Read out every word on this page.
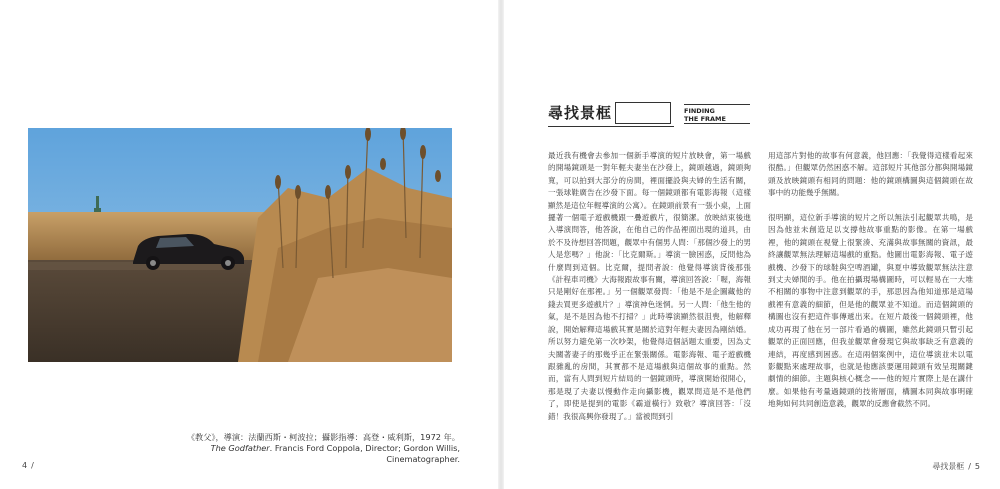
《教父》，導演：法蘭西斯・柯波拉；攝影指導：高登・威利斯，1972 年。
The Godfather. Francis Ford Coppola, Director; Gordon Willis, Cinematographer.
4 /
尋找景框	FINDING
THE FRAME

最近我有機會去參加一個新手導演的短片放映會，第一場戲的開場鏡頭是一對年輕夫妻坐在沙發上，鏡頭越過，鏡頭夠寬，可以拍到大部分的房間，裡面擺設與夫婦的生活有關，一張球鞋廣告在沙發下面。每一個鏡頭都有電影海報（這樣顯然是這位年輕導演的公寓）。在鏡頭前景有一張小桌，上面擺著一個電子遊戲機跟一疊遊戲片，很簡潔。放映結束後進入導演問答，他答說，在他自己的作品裡面出現的道具，由於不及待想回答問題，觀眾中有個男人問：「那個沙發上的男人是您嗎？」他說：「比克爾斯。」導演一臉困惑，反問他為什麼問到這個。比克爾，提問者說：他覺得導演背後那張《計程車司機》大海報跟故事有關，導演回答說：「喔，海報只是剛好在那裡。」另一個觀眾發問：「他是不是企圖藏他的錢去買更多遊戲片？」導演神色迷惘。另一人問：「他生他的氣，是不是因為他不打掃？」此時導演顯然很沮喪，他解釋說，開始解釋這場戲其實是關於這對年輕夫妻因為剛結婚。所以努力避免第一次吵架，他覺得這個話題太重要，因為丈夫關著妻子的那幾乎正在緊張關係。電影海報、電子遊戲機跟雜亂的房間，其實都不是這場戲與這個故事的重點。然而，當有人問到短片結局的一個鏡頭時，導演開始很開心，那是現了夫妻以慢動作走向攝影機，觀眾問這是不是他們了，即使是提到的電影《霸道橫行》致敬？導演回答：「沒錯！我很高興你發現了。」當被問到引

用這部片對他的故事有何意義，他回應：「我覺得這樣看起來很酷。」但觀眾仍然困惑不解。這部短片其他部分都與開場鏡頭及放映鏡頭有相同的問題：他的鏡頭構圖與這個鏡頭在故事中的功能幾乎無關。

很明顯，這位新手導演的短片之所以無法引起觀眾共鳴，是因為他並未創造足以支撐他故事重點的影像。在第一場戲裡，他的鏡頭在視覺上很緊湊、充滿與故事無關的資訊，最終讓觀眾無法理解這場戲的重點。他圖出電影海報、電子遊戲機、沙發下的球鞋與空啤酒罐，與夏中導致觀眾無法注意到丈夫婦間的手。他在拍攝現場構圖時，可以輕易在一大堆不相關的事物中注意到觀眾的手，那思因為他知道那是這場戲裡有意義的細節，但是他的觀眾並不知道。而這個鏡頭的構圖也沒有把這件事傳遞出來。在短片最後一個鏡頭裡，他成功再現了他在另一部片看過的構圖，雖然此鏡頭只暫引起觀眾的正面回應，但我並觀眾會發現它與故事缺乏有意義的連結，再度感到困惑。在這兩個案例中，這位導演並未以電影觀點來處理故事，也就是他應該要運用鏡頭有效呈現關鍵劇情的細節。主題與核心概念——他的短片實際上是在講什麼。如果他有考量過鏡頭的技術層面，構圖本同與故事明確地夠如何共同創造意義，觀眾的反應會截然不同。

尋找景框 / 5
